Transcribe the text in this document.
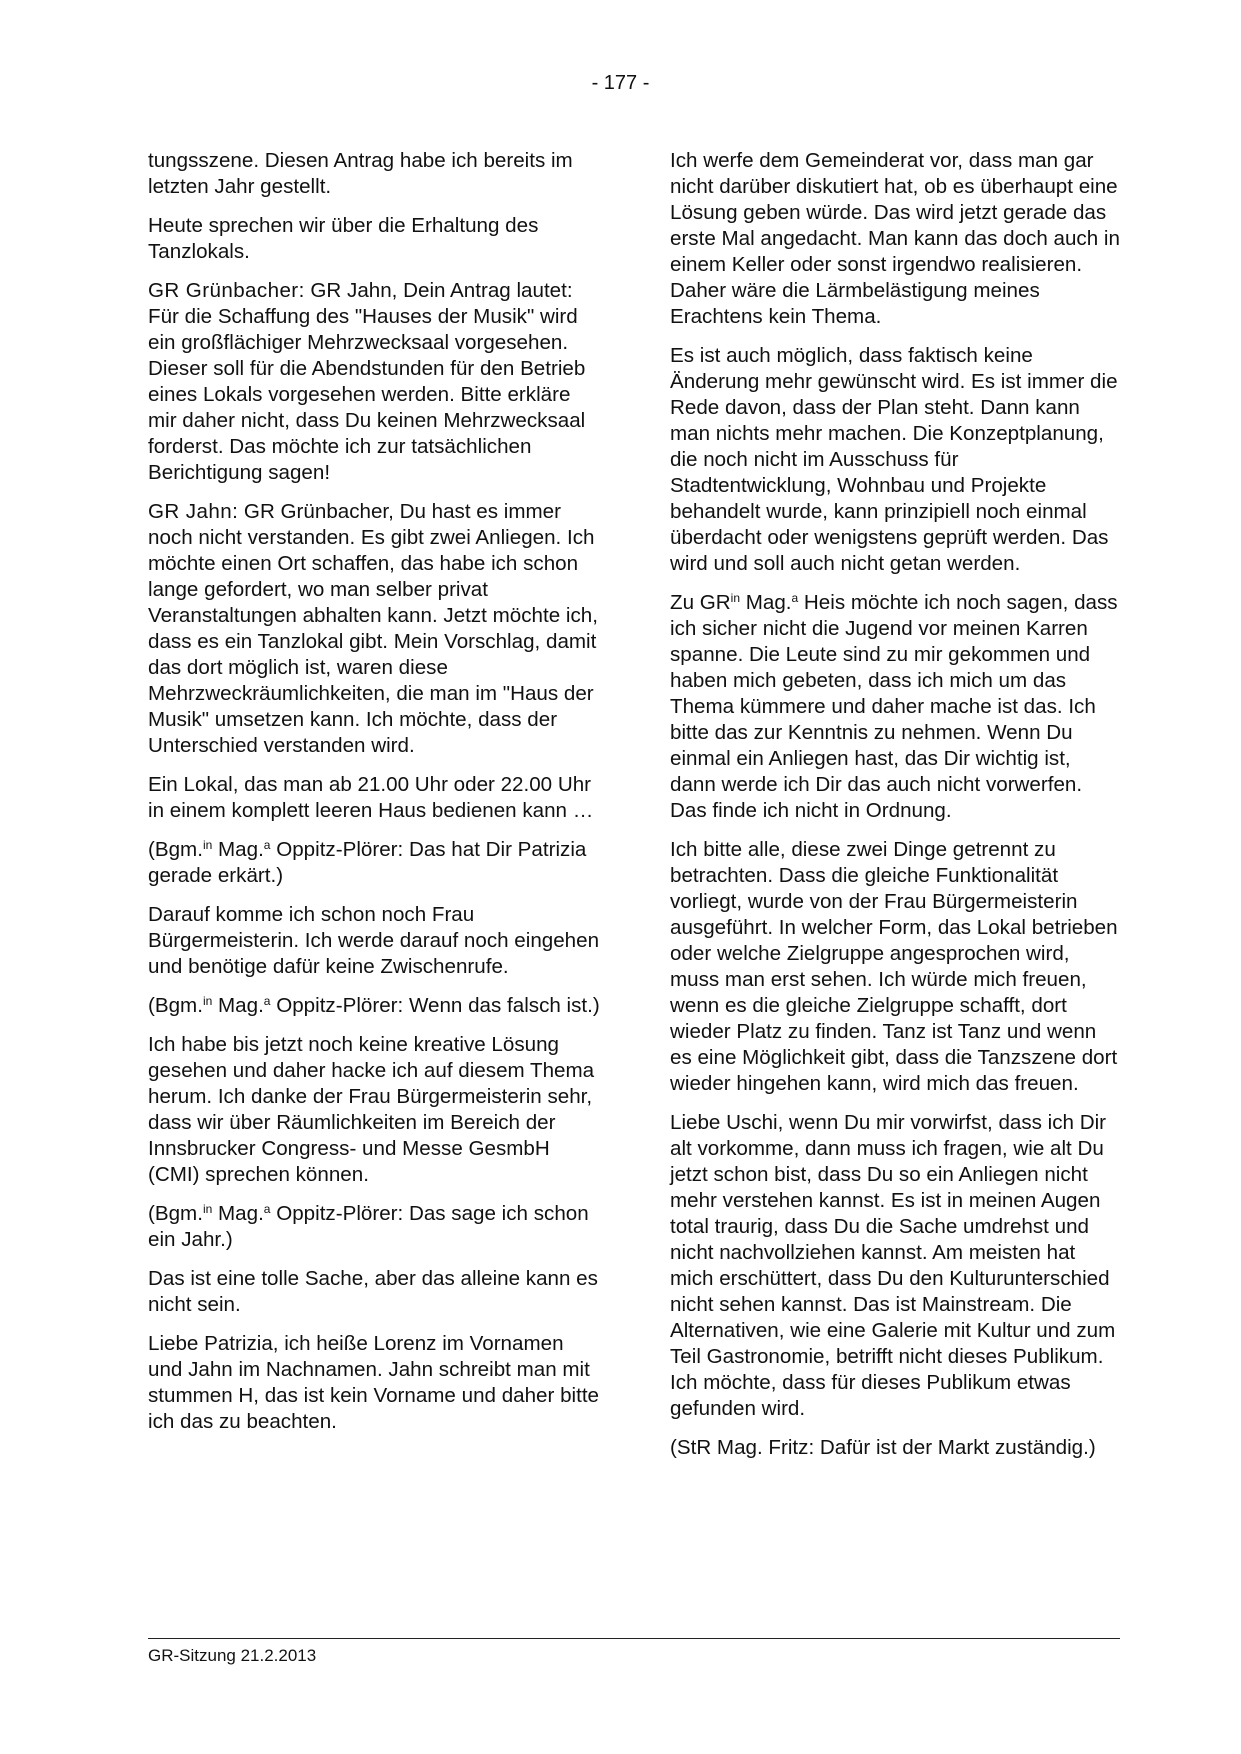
- 177 -

tungsszene. Diesen Antrag habe ich bereits im letzten Jahr gestellt.

Heute sprechen wir über die Erhaltung des Tanzlokals.

GR Grünbacher: GR Jahn, Dein Antrag lautet: Für die Schaffung des "Hauses der Musik" wird ein großflächiger Mehrzwecksaal vorgesehen. Dieser soll für die Abendstunden für den Betrieb eines Lokals vorgesehen werden. Bitte erkläre mir daher nicht, dass Du keinen Mehrzwecksaal forderst. Das möchte ich zur tatsächlichen Berichtigung sagen!

GR Jahn: GR Grünbacher, Du hast es immer noch nicht verstanden. Es gibt zwei Anliegen. Ich möchte einen Ort schaffen, das habe ich schon lange gefordert, wo man selber privat Veranstaltungen abhalten kann. Jetzt möchte ich, dass es ein Tanzlokal gibt. Mein Vorschlag, damit das dort möglich ist, waren diese Mehrzweckräumlichkeiten, die man im "Haus der Musik" umsetzen kann. Ich möchte, dass der Unterschied verstanden wird.

Ein Lokal, das man ab 21.00 Uhr oder 22.00 Uhr in einem komplett leeren Haus bedienen kann …

(Bgm.$^{in}$ Mag.$^a$ Oppitz-Plörer: Das hat Dir Patrizia gerade erkärt.)

Darauf komme ich schon noch Frau Bürgermeisterin. Ich werde darauf noch eingehen und benötige dafür keine Zwischenrufe.

(Bgm.$^{in}$ Mag.$^a$ Oppitz-Plörer: Wenn das falsch ist.)

Ich habe bis jetzt noch keine kreative Lösung gesehen und daher hacke ich auf diesem Thema herum. Ich danke der Frau Bürgermeisterin sehr, dass wir über Räumlichkeiten im Bereich der Innsbrucker Congress- und Messe GesmbH (CMI) sprechen können.

(Bgm.$^{in}$ Mag.$^a$ Oppitz-Plörer: Das sage ich schon ein Jahr.)

Das ist eine tolle Sache, aber das alleine kann es nicht sein.

Liebe Patrizia, ich heiße Lorenz im Vornamen und Jahn im Nachnamen. Jahn schreibt man mit stummen H, das ist kein Vorname und daher bitte ich das zu beachten.

Ich werfe dem Gemeinderat vor, dass man gar nicht darüber diskutiert hat, ob es überhaupt eine Lösung geben würde. Das wird jetzt gerade das erste Mal angedacht. Man kann das doch auch in einem Keller oder sonst irgendwo realisieren. Daher wäre die Lärmbelästigung meines Erachtens kein Thema.

Es ist auch möglich, dass faktisch keine Änderung mehr gewünscht wird. Es ist immer die Rede davon, dass der Plan steht. Dann kann man nichts mehr machen. Die Konzeptplanung, die noch nicht im Ausschuss für Stadtentwicklung, Wohnbau und Projekte behandelt wurde, kann prinzipiell noch einmal überdacht oder wenigstens geprüft werden. Das wird und soll auch nicht getan werden.

Zu $GR^{in}$ Mag.$^a$ Heis möchte ich noch sagen, dass ich sicher nicht die Jugend vor meinen Karren spanne. Die Leute sind zu mir gekommen und haben mich gebeten, dass ich mich um das Thema kümmere und daher mache ist das. Ich bitte das zur Kenntnis zu nehmen. Wenn Du einmal ein Anliegen hast, das Dir wichtig ist, dann werde ich Dir das auch nicht vorwerfen. Das finde ich nicht in Ordnung.

Ich bitte alle, diese zwei Dinge getrennt zu betrachten. Dass die gleiche Funktionalität vorliegt, wurde von der Frau Bürgermeisterin ausgeführt. In welcher Form, das Lokal betrieben oder welche Zielgruppe angesprochen wird, muss man erst sehen. Ich würde mich freuen, wenn es die gleiche Zielgruppe schafft, dort wieder Platz zu finden. Tanz ist Tanz und wenn es eine Möglichkeit gibt, dass die Tanzszene dort wieder hingehen kann, wird mich das freuen.

Liebe Uschi, wenn Du mir vorwirfst, dass ich Dir alt vorkomme, dann muss ich fragen, wie alt Du jetzt schon bist, dass Du so ein Anliegen nicht mehr verstehen kannst. Es ist in meinen Augen total traurig, dass Du die Sache umdrehst und nicht nachvollziehen kannst. Am meisten hat mich erschüttert, dass Du den Kulturunterschied nicht sehen kannst. Das ist Mainstream. Die Alternativen, wie eine Galerie mit Kultur und zum Teil Gastronomie, betrifft nicht dieses Publikum. Ich möchte, dass für dieses Publikum etwas gefunden wird.

(StR Mag. Fritz: Dafür ist der Markt zuständig.)

GR-Sitzung 21.2.2013
